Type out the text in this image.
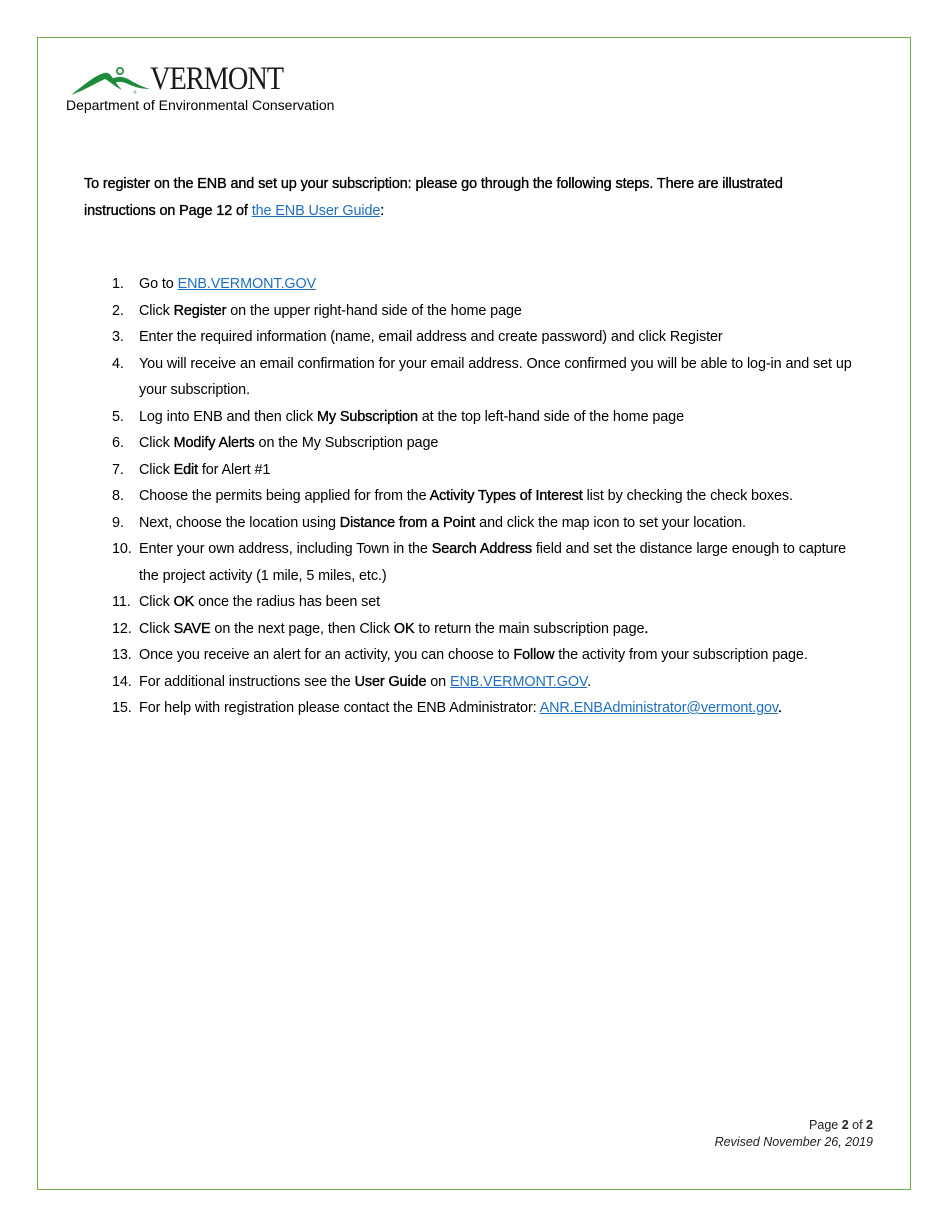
® VERMONT
Department of Environmental Conservation
To register on the ENB and set up your subscription: please go through the following steps. There are illustrated instructions on Page 12 of the ENB User Guide:
1. Go to ENB.VERMONT.GOV
2. Click Register on the upper right-hand side of the home page
3. Enter the required information (name, email address and create password) and click Register
4. You will receive an email confirmation for your email address. Once confirmed you will be able to log-in and set up your subscription.
5. Log into ENB and then click My Subscription at the top left-hand side of the home page
6. Click Modify Alerts on the My Subscription page
7. Click Edit for Alert #1
8. Choose the permits being applied for from the Activity Types of Interest list by checking the check boxes.
9. Next, choose the location using Distance from a Point and click the map icon to set your location.
10. Enter your own address, including Town in the Search Address field and set the distance large enough to capture the project activity (1 mile, 5 miles, etc.)
11. Click OK once the radius has been set
12. Click SAVE on the next page, then Click OK to return the main subscription page.
13. Once you receive an alert for an activity, you can choose to Follow the activity from your subscription page.
14. For additional instructions see the User Guide on ENB.VERMONT.GOV.
15. For help with registration please contact the ENB Administrator: ANR.ENBAdministrator@vermont.gov.
Page 2 of 2
Revised November 26, 2019
